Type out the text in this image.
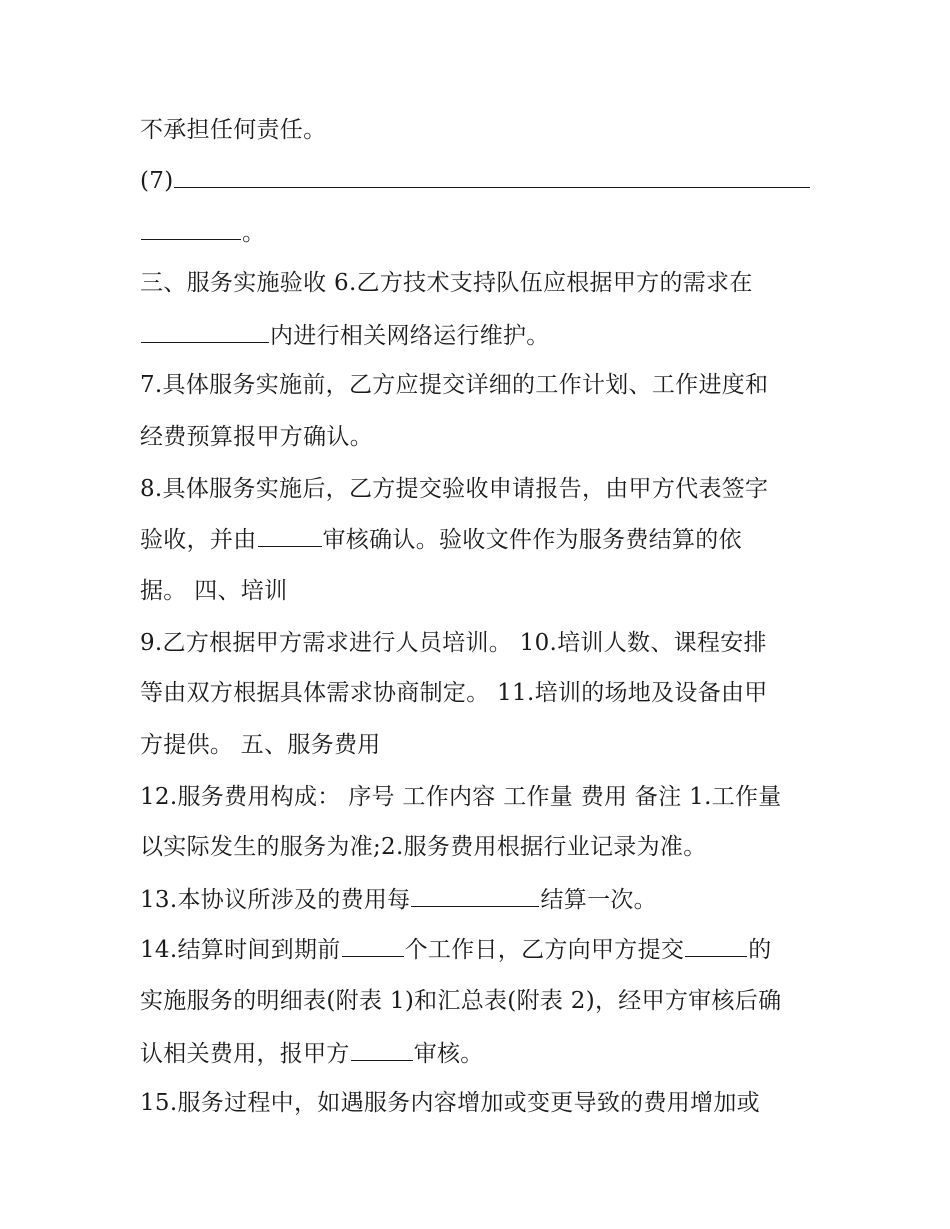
不承担任何责任。
(7)
。
三、服务实施验收 6.乙方技术支持队伍应根据甲方的需求在
内进行相关网络运行维护。
7.具体服务实施前，乙方应提交详细的工作计划、工作进度和
经费预算报甲方确认。
8.具体服务实施后，乙方提交验收申请报告，由甲方代表签字
验收，并由	审核确认。验收文件作为服务费结算的依
据。 四、培训
9.乙方根据甲方需求进行人员培训。 10.培训人数、课程安排
等由双方根据具体需求协商制定。 11.培训的场地及设备由甲
方提供。 五、服务费用
12.服务费用构成： 序号 工作内容 工作量 费用 备注 1.工作量
以实际发生的服务为准;2.服务费用根据行业记录为准。
13.本协议所涉及的费用每	结算一次。
14.结算时间到期前	个工作日，乙方向甲方提交	的
实施服务的明细表(附表 1)和汇总表(附表 2)，经甲方审核后确
认相关费用，报甲方	审核。
15.服务过程中，如遇服务内容增加或变更导致的费用增加或
